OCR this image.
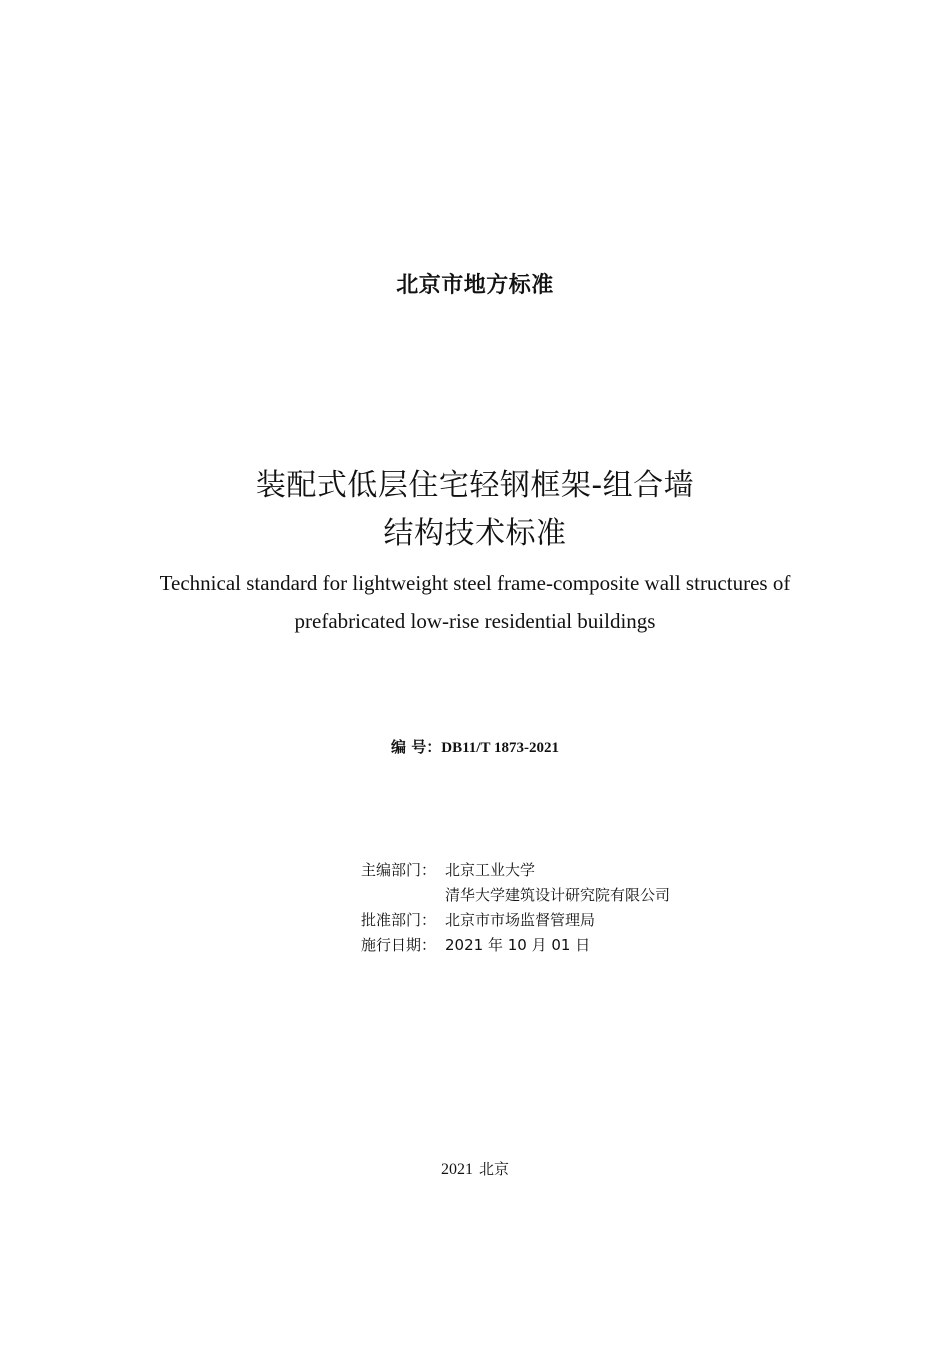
北京市地方标准
装配式低层住宅轻钢框架-组合墙
结构技术标准
Technical standard for lightweight steel frame-composite wall structures of
prefabricated low-rise residential buildings
编 号：DB11/T 1873-2021
主编部门： 北京工业大学
清华大学建筑设计研究院有限公司
批准部门： 北京市市场监督管理局
施行日期： 2021 年 10 月 01 日
2021 北京
